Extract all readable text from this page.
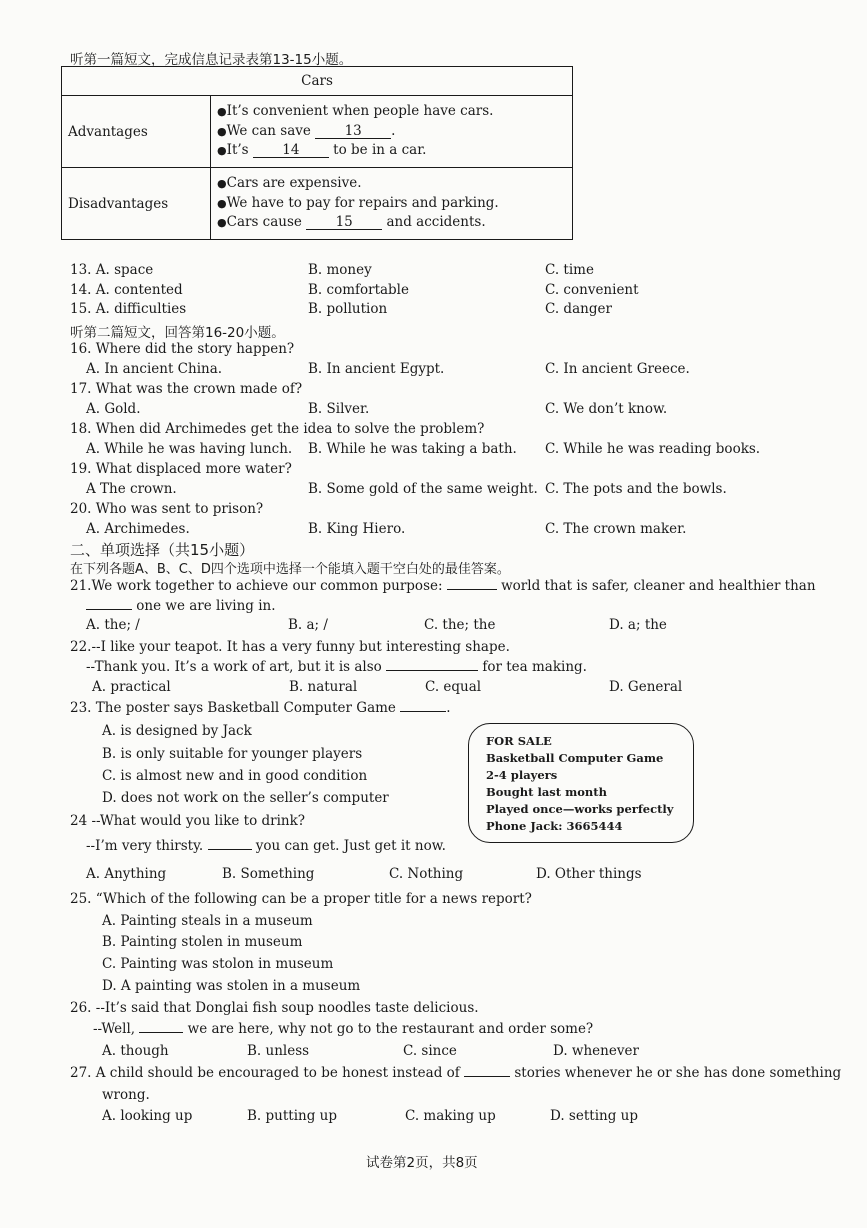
听第一篇短文，完成信息记录表第13-15小题。
Cars	
Advantages	●It’s convenient when people have cars.
●We can save 13 .
●It’s 14 to be in a car.

Disadvantages	●Cars are expensive.
●We have to pay for repairs and parking.
●Cars cause 15 and accidents.
13. A. space	B. money	C. time
14. A. contented	B. comfortable	C. convenient
15. A. difficulties	B. pollution	C. danger
听第二篇短文，回答第16-20小题。
16. Where did the story happen?
A. In ancient China.	B. In ancient Egypt.	C. In ancient Greece.
17. What was the crown made of?
A. Gold.	B. Silver.	C. We don’t know.
18. When did Archimedes get the idea to solve the problem?
A. While he was having lunch. B. While he was taking a bath. C. While he was reading books.
19. What displaced more water?
A The crown.	B. Some gold of the same weight. C. The pots and the bowls.
20. Who was sent to prison?
A. Archimedes.	B. King Hiero.	C. The crown maker.
二、单项选择（共15小题）
在下列各题A、B、C、D四个选项中选择一个能填入题干空白处的最佳答案。
21.We work together to achieve our common purpose:	world that is safer, cleaner and healthier than
one we are living in.
A. the; /	B. a; /	C. the; the	D. a; the
22.--I like your teapot. It has a very funny but interesting shape.
--Thank you. It’s a work of art, but it is also	for tea making.
A. practical	B. natural	C. equal	D. General
23. The poster says Basketball Computer Game	.
A. is designed by Jack
B. is only suitable for younger players
C. is almost new and in good condition
D. does not work on the seller’s computer
FOR SALE
Basketball Computer Game
2-4 players
Bought last month
Played once—works perfectly
Phone Jack: 3665444
24 --What would you like to drink?
--I’m very thirsty.	you can get. Just get it now.
A. Anything	B. Something	C. Nothing	D. Other things
25. “Which of the following can be a proper title for a news report?
A. Painting steals in a museum
B. Painting stolen in museum
C. Painting was stolon in museum
D. A painting was stolen in a museum
26. --It’s said that Donglai fish soup noodles taste delicious.
--Well,	we are here, why not go to the restaurant and order some?
A. though	B. unless	C. since	D. whenever
27. A child should be encouraged to be honest instead of	stories whenever he or she has done something
wrong.
A. looking up	B. putting up	C. making up	D. setting up
试卷第2页，共8页
